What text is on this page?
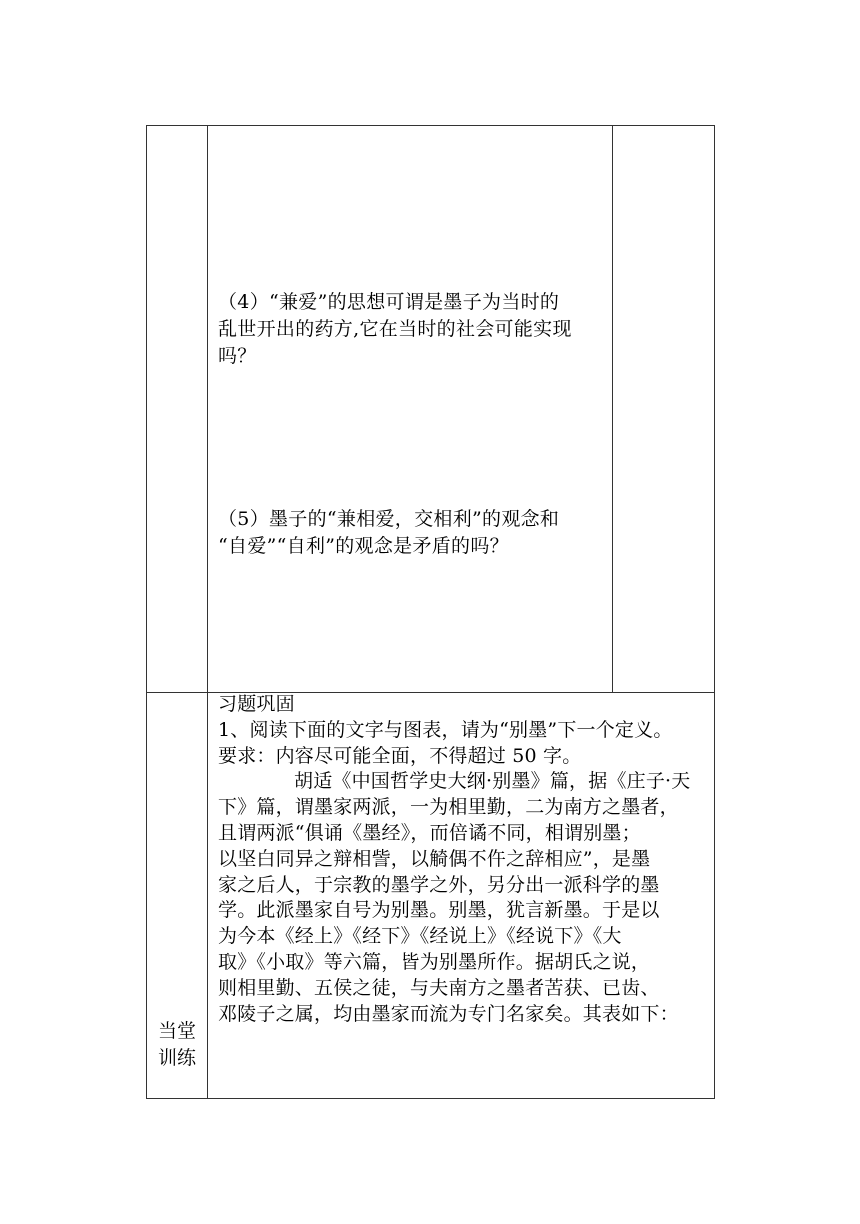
（4）“兼爱”的思想可谓是墨子为当时的
乱世开出的药方,它在当时的社会可能实现
吗？
（5）墨子的“兼相爱，交相利”的观念和
“自爱”“自利”的观念是矛盾的吗？
当堂
训练
习题巩固
1、阅读下面的文字与图表，请为“别墨”下一个定义。
要求：内容尽可能全面，不得超过 50 字。
胡适《中国哲学史大纲·别墨》篇，据《庄子·天
下》篇，谓墨家两派，一为相里勤，二为南方之墨者，
且谓两派“俱诵《墨经》，而倍谲不同，相谓别墨；
以坚白同异之辩相訾，以觭偶不仵之辞相应”，是墨
家之后人，于宗教的墨学之外，另分出一派科学的墨
学。此派墨家自号为别墨。别墨，犹言新墨。于是以
为今本《经上》《经下》《经说上》《经说下》《大
取》《小取》等六篇，皆为别墨所作。据胡氏之说，
则相里勤、五侯之徒，与夫南方之墨者苦获、已齿、
邓陵子之属，均由墨家而流为专门名家矣。其表如下：
